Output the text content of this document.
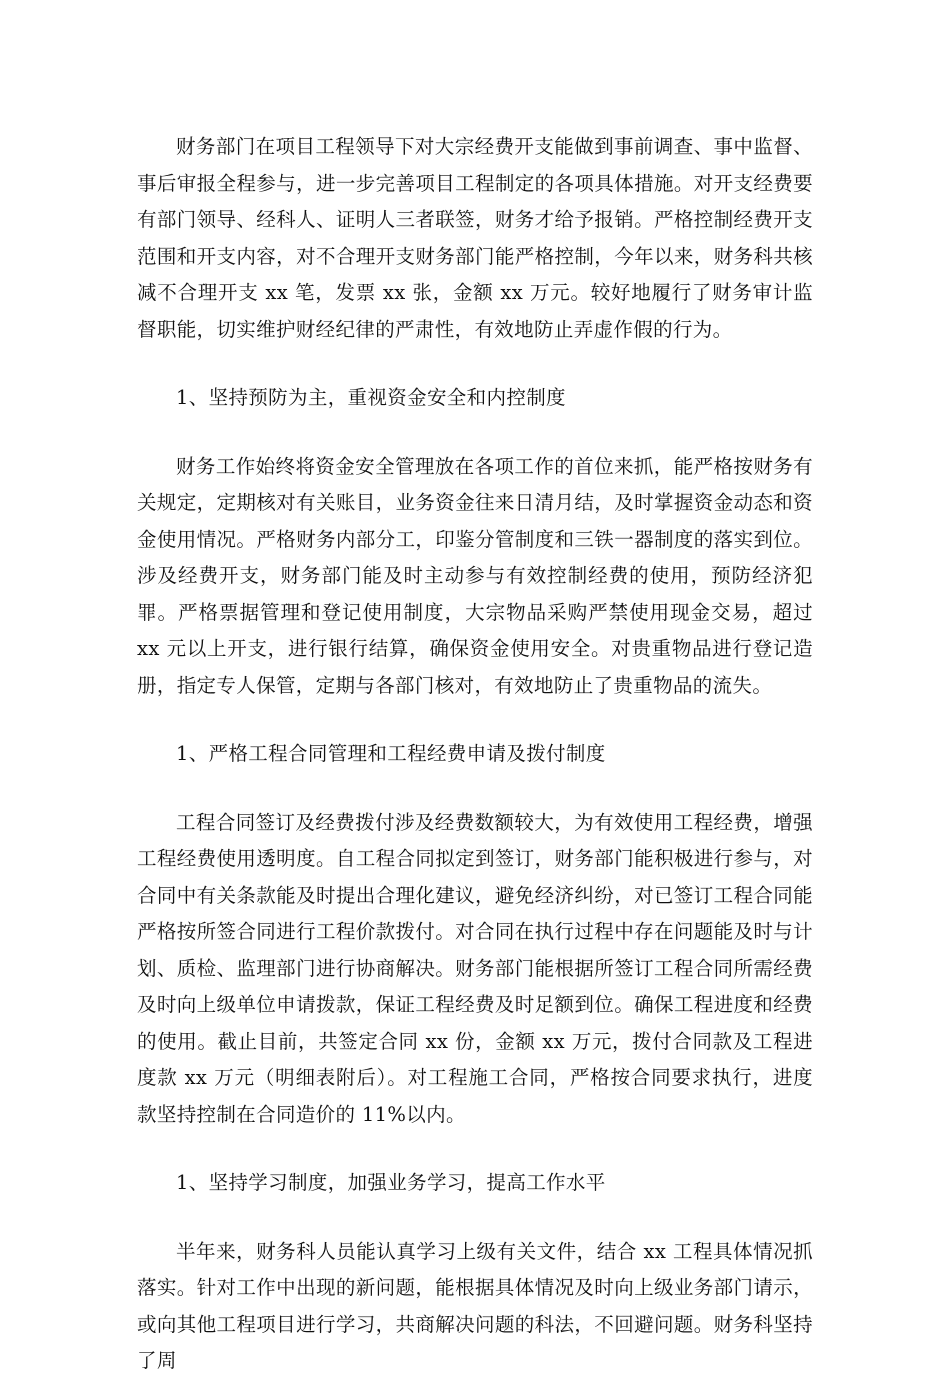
财务部门在项目工程领导下对大宗经费开支能做到事前调查、事中监督、事后审报全程参与，进一步完善项目工程制定的各项具体措施。对开支经费要有部门领导、经科人、证明人三者联签，财务才给予报销。严格控制经费开支范围和开支内容，对不合理开支财务部门能严格控制，今年以来，财务科共核减不合理开支 xx 笔，发票 xx 张，金额 xx 万元。较好地履行了财务审计监督职能，切实维护财经纪律的严肃性，有效地防止弄虚作假的行为。

1、坚持预防为主，重视资金安全和内控制度

财务工作始终将资金安全管理放在各项工作的首位来抓，能严格按财务有关规定，定期核对有关账目，业务资金往来日清月结，及时掌握资金动态和资金使用情况。严格财务内部分工，印鉴分管制度和三铁一器制度的落实到位。涉及经费开支，财务部门能及时主动参与有效控制经费的使用，预防经济犯罪。严格票据管理和登记使用制度，大宗物品采购严禁使用现金交易，超过 xx 元以上开支，进行银行结算，确保资金使用安全。对贵重物品进行登记造册，指定专人保管，定期与各部门核对，有效地防止了贵重物品的流失。

1、严格工程合同管理和工程经费申请及拨付制度

工程合同签订及经费拨付涉及经费数额较大，为有效使用工程经费，增强工程经费使用透明度。自工程合同拟定到签订，财务部门能积极进行参与，对合同中有关条款能及时提出合理化建议，避免经济纠纷，对已签订工程合同能严格按所签合同进行工程价款拨付。对合同在执行过程中存在问题能及时与计划、质检、监理部门进行协商解决。财务部门能根据所签订工程合同所需经费及时向上级单位申请拨款，保证工程经费及时足额到位。确保工程进度和经费的使用。截止目前，共签定合同 xx 份，金额 xx 万元，拨付合同款及工程进度款 xx 万元（明细表附后）。对工程施工合同，严格按合同要求执行，进度款坚持控制在合同造价的 11%以内。

1、坚持学习制度，加强业务学习，提高工作水平

半年来，财务科人员能认真学习上级有关文件，结合 xx 工程具体情况抓落实。针对工作中出现的新问题，能根据具体情况及时向上级业务部门请示，或向其他工程项目进行学习，共商解决问题的科法，不回避问题。财务科坚持了周
